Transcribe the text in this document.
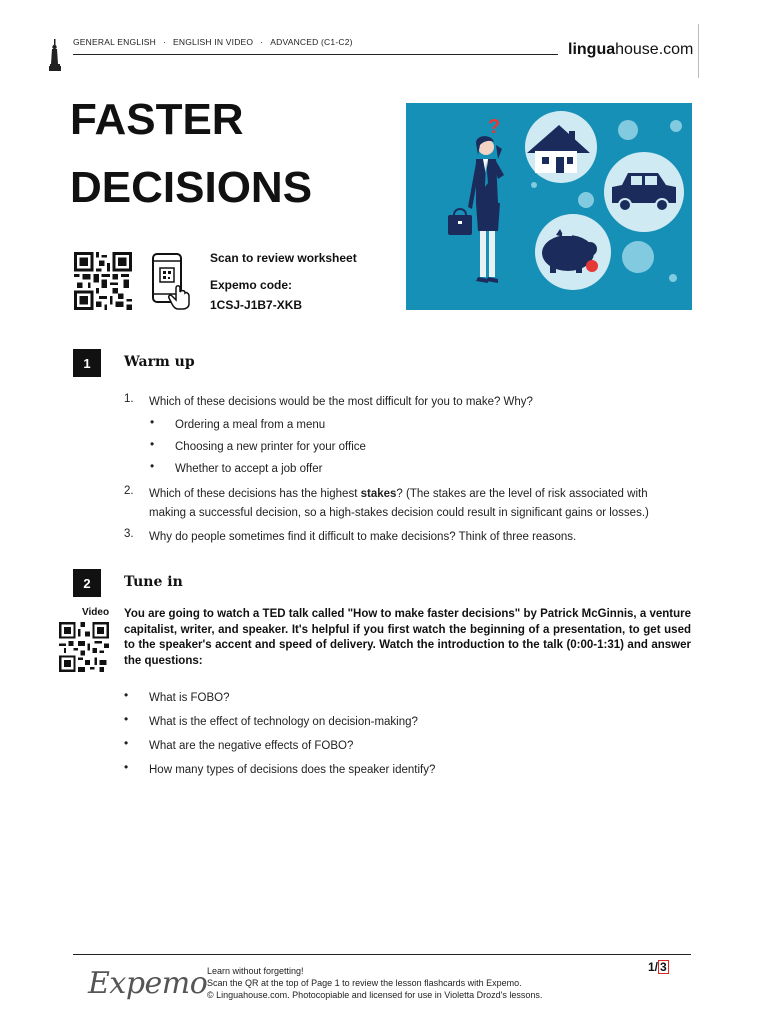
GENERAL ENGLISH · ENGLISH IN VIDEO · ADVANCED (C1-C2)	linguahouse.com
FASTER
DECISIONS
Scan to review worksheet
Expemo code:
1CSJ-J1B7-XKB
?
1	Warm up
1. Which of these decisions would be the most difficult for you to make? Why?
• Ordering a meal from a menu
• Choosing a new printer for your office
• Whether to accept a job offer
2. Which of these decisions has the highest stakes? (The stakes are the level of risk associated with
making a successful decision, so a high-stakes decision could result in significant gains or losses.)
3. Why do people sometimes find it difficult to make decisions? Think of three reasons.
2	Tune in
Video You are going to watch a TED talk called "How to make faster decisions" by Patrick McGinnis, a venture capitalist, writer, and speaker. It's helpful if you first watch the beginning of a presentation, to get used to the speaker's accent and speed of delivery. Watch the introduction to the talk (0:00-1:31) and answer the questions:
• What is FOBO?
• What is the effect of technology on decision-making?
• What are the negative effects of FOBO?
• How many types of decisions does the speaker identify?
Expemo Learn without forgetting!
Scan the QR at the top of Page 1 to review the lesson flashcards with Expemo.
© Linguahouse.com. Photocopiable and licensed for use in Violetta Drozd's lessons.
1/ 3
